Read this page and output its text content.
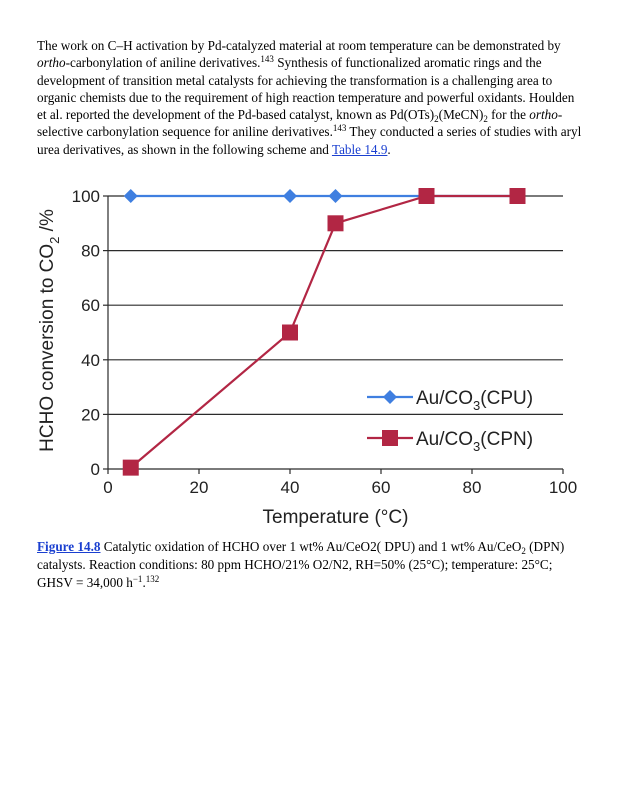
The work on C–H activation by Pd-catalyzed material at room temperature can be demonstrated by ortho-carbonylation of aniline derivatives.$^{143}$ Synthesis of functionalized aromatic rings and the development of transition metal catalysts for achieving the transformation is a challenging area to organic chemists due to the requirement of high reaction temperature and powerful oxidants. Houlden et al. reported the development of the Pd-based catalyst, known as $Pd(OTs)_2(MeCN)_2$ for the ortho-selective carbonylation sequence for aniline derivatives.$^{143}$ They conducted a series of studies with aryl urea derivatives, as shown in the following scheme and Table 14.9.
0
20
40
60
80
100
0	20	40	60	80	100
Temperature (°C)
HCHO conversion to $CO_2$ /%
$Au/CO_3(CPU)$
$Au/CO_3(CPN)$
Figure 14.8 Catalytic oxidation of HCHO over 1 wt% Au/CeO2( DPU) and 1 wt% Au/CeO$_2$ (DPN) catalysts. Reaction conditions: 80 ppm HCHO/21% O2/N2, RH=50% (25°C); temperature: 25°C; GHSV = 34,000 $h^{-1}.^{132}$
